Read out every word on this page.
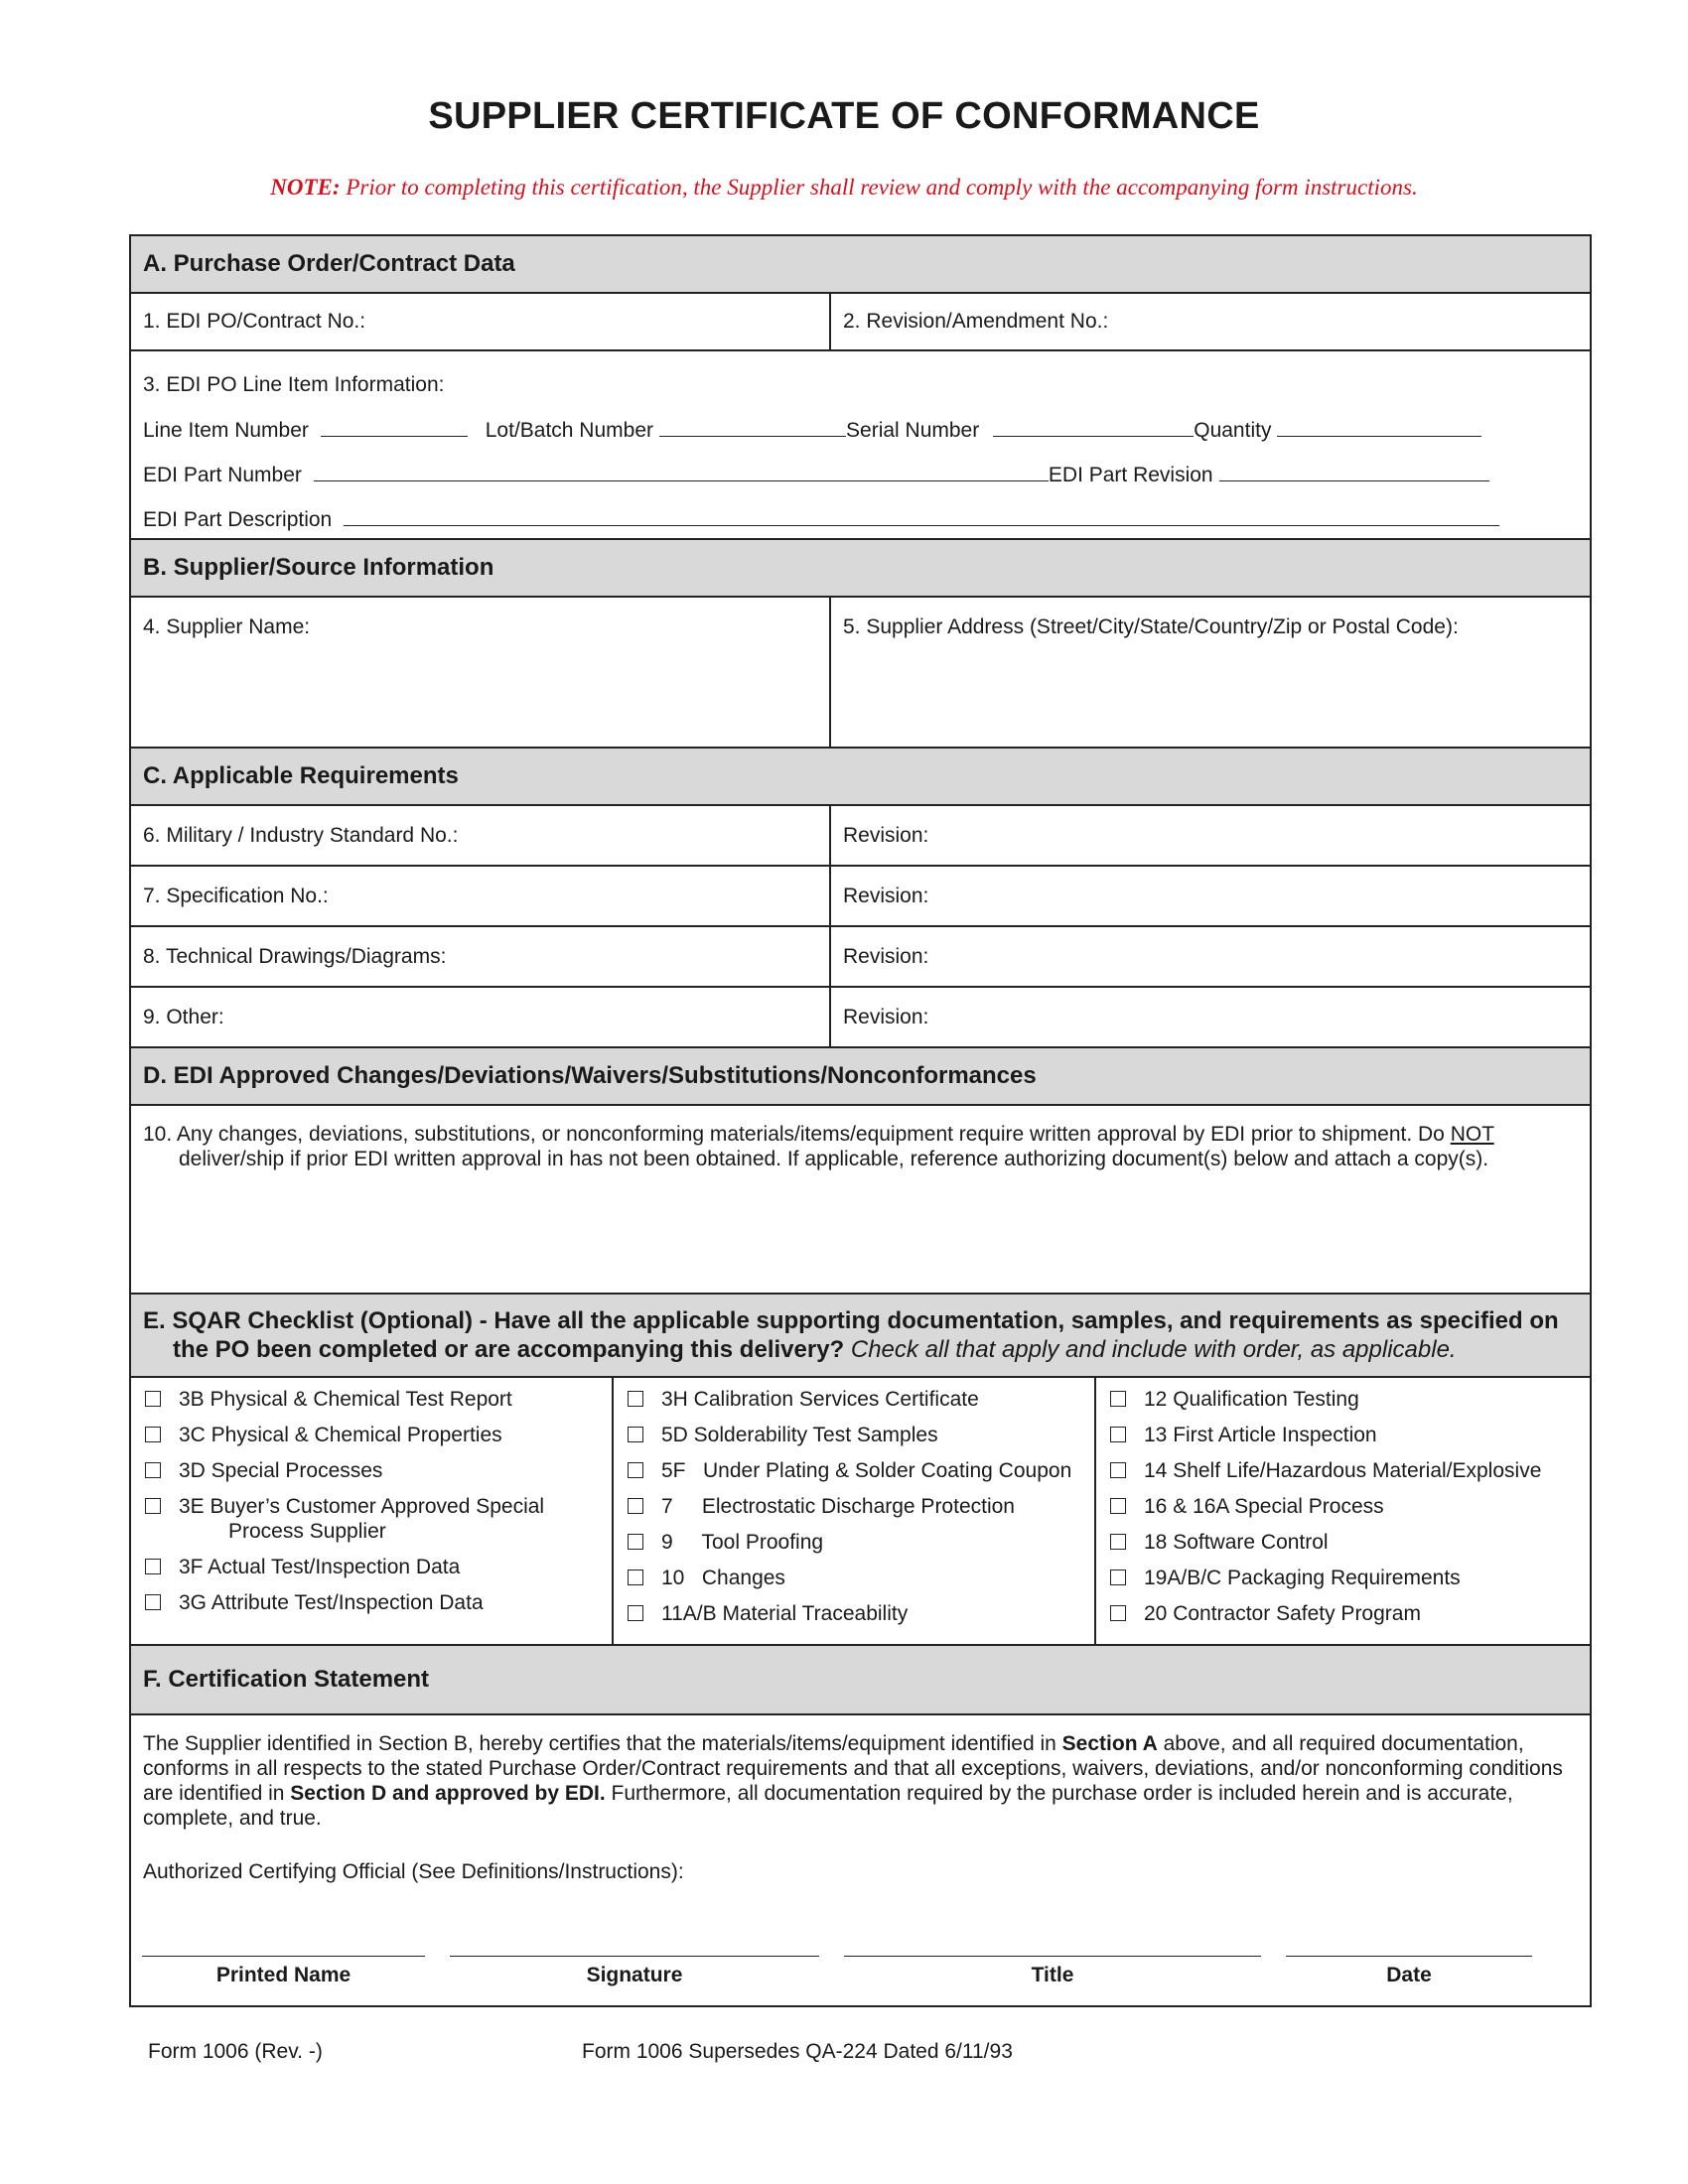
SUPPLIER CERTIFICATE OF CONFORMANCE
NOTE: Prior to completing this certification, the Supplier shall review and comply with the accompanying form instructions.
A. Purchase Order/Contract Data
1. EDI PO/Contract No.:	2. Revision/Amendment No.:
3. EDI PO Line Item Information:
Line Item Number	Lot/Batch Number	Serial Number	Quantity
EDI Part Number	EDI Part Revision
EDI Part Description
B. Supplier/Source Information
4. Supplier Name:	5. Supplier Address (Street/City/State/Country/Zip or Postal Code):
C. Applicable Requirements
6. Military / Industry Standard No.:	Revision:
7. Specification No.:	Revision:
8. Technical Drawings/Diagrams:	Revision:
9. Other:	Revision:
D. EDI Approved Changes/Deviations/Waivers/Substitutions/Nonconformances
10. Any changes, deviations, substitutions, or nonconforming materials/items/equipment require written approval by EDI prior to shipment. Do NOT deliver/ship if prior EDI written approval in has not been obtained. If applicable, reference authorizing document(s) below and attach a copy(s).
E. SQAR Checklist (Optional) - Have all the applicable supporting documentation, samples, and requirements as specified on the PO been completed or are accompanying this delivery? Check all that apply and include with order, as applicable.
3B Physical & Chemical Test Report
3C Physical & Chemical Properties
3D Special Processes
3E Buyer’s Customer Approved Special
Process Supplier
3F Actual Test/Inspection Data
3G Attribute Test/Inspection Data
3H Calibration Services Certificate
5D Solderability Test Samples
5F   Under Plating & Solder Coating Coupon
7     Electrostatic Discharge Protection
9     Tool Proofing
10   Changes
11A/B Material Traceability
12 Qualification Testing
13 First Article Inspection
14 Shelf Life/Hazardous Material/Explosive
16 & 16A Special Process
18 Software Control
19A/B/C Packaging Requirements
20 Contractor Safety Program
F. Certification Statement
The Supplier identified in Section B, hereby certifies that the materials/items/equipment identified in Section A above, and all required documentation, conforms in all respects to the stated Purchase Order/Contract requirements and that all exceptions, waivers, deviations, and/or nonconforming conditions are identified in Section D and approved by EDI. Furthermore, all documentation required by the purchase order is included herein and is accurate, complete, and true.
Authorized Certifying Official (See Definitions/Instructions):
Printed Name	Signature	Title	Date
Form 1006 (Rev. -)	Form 1006 Supersedes QA-224 Dated 6/11/93
